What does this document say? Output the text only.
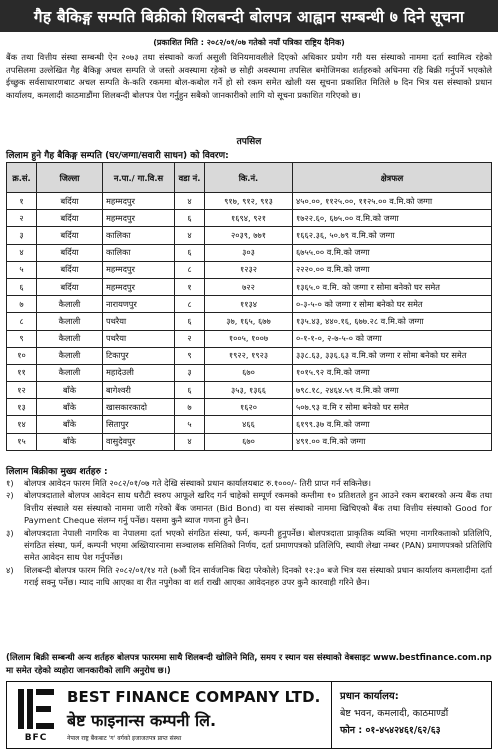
गैह बैकिङ्ग सम्पति बिक्रीको शिलबन्दी बोलपत्र आह्वान सम्बन्धी ७ दिने सूचना
(प्रकाशित मिति : २०८२/०१/०७ गतेको नयाँ पत्रिका राष्ट्रिय दैनिक)

बैंक तथा वित्तीय संस्था सम्बन्धी ऐन २०७३ तथा संस्थाको कर्जा असुली विनियमावलीले दिएको अधिकार प्रयोग गरी यस संस्थाको नाममा दर्ता स्वामित्व रहेको तपसिलमा उल्लेखित गैह बैकिङ्ग अचल सम्पति जे जस्तो अवस्थामा रहेको छ सोही अवस्थामा तपसिल बमोजिमका शर्तहरुको अधिनमा रहि बिक्री गर्नुपर्ने भएकोले ईच्छुक सर्वसाधारणबाट अचल सम्पति के-कति रकममा बोल-कबोल गर्ने हो सो रकम समेत खोली यस सूचना प्रकाशित मितिले ७ दिन भित्र यस संस्थाको प्रधान कार्यालय, कमलादी काठमाडौंमा शिलबन्दी बोलपत्र पेश गर्नुहुन सबैको जानकारीको लागि यो सूचना प्रकाशित गरिएको छ।

तपसिल
लिलाम हुने गैह बैकिङ्ग सम्पति (घर/जग्गा/सवारी साधन) को विवरण:
क्र.सं.	जिल्ला	न.पा./ गा.वि.स	वडा नं.	कि.नं.	क्षेत्रफल
१	बर्दिया	महम्मदपुर	४	९१७, ९१२, ९१३	४५०.००, ११२५.००, ११२५.०० व.मि.को जग्गा
२	बर्दिया	महम्मदपुर	६	१६९४, ९२१	१७२२.६०, ६७५.०० व.मि.को जग्गा
३	बर्दिया	कालिका	४	२०३९, ७७१	१६६२.३६, ५०.७९ व.मि.को जग्गा
४	बर्दिया	कालिका	६	३०३	६७५५.०० व.मि.को जग्गा
५	बर्दिया	महम्मदपुर	८	१२३२	२२२०.०० व.मि.को जग्गा
६	बर्दिया	महम्मदपुर	१	७२२	१३६५.० व.मि. को जग्गा र सोमा बनेको घर समेत
७	कैलाली	नारायणपुर	८	११३४	०-३-५-० को जग्गा र सोमा बनेको घर समेत
८	कैलाली	पथरैया	६	३७, १६५, ६७७	१३५.४३, ४४०.१६, ६७७.२८ व.मि.को जग्गा
९	कैलाली	पथरैया	२	१००५, १००७	०-१-१-०, २-७-५-० को जग्गा
१०	कैलाली	टिकापुर	९	१९२२, १९२३	३३८.६३, ३३६.६३ व.मि.को जग्गा र सोमा बनेको घर समेत
११	कैलाली	महादेउली	३	६७०	१०१५.९२ व.मि.को जग्गा
१२	बाँके	बागेश्वरी	६	३५३, १३६६	७९८.१८, २४६४.५९ व.मि.को जग्गा
१३	बाँके	खासकारकादो	७	१६२०	५०७.९३ व.मि र सोमा बनेको घर समेत
१४	बाँके	सितापुर	५	४६६	६१९९.३७ व.मि.को जग्गा
१५	बाँके	वासुदेवपुर	४	६७०	४९१.०० व.मि.को जग्गा
लिलाम बिक्रीका मुख्य शर्तहरु :
१) बोलपत्र आवेदन फारम मिति २०८२/०१/०७ गते देखि संस्थाको प्रधान कार्यालयबाट रु.१०००/- तिरी प्राप्त गर्न सकिनेछ।
२) बोलपत्रदाताले बोलपत्र आवेदन साथ धरौटी स्वरुप आफूले खरिद गर्न चाहेको सम्पूर्ण रकमको कम्तीमा १० प्रतिशतले हुन आउने रकम बराबरको अन्य बैंक तथा वित्तीय संस्थाले यस संस्थाको नाममा जारी गरेको बैंक जमानत (Bid Bond) वा यस संस्थाको नाममा खिचिएको बैंक तथा वित्तीय संस्थाको Good for Payment Cheque संलग्न गर्नु पर्नेछ। यसमा कुनै ब्याज गणना हुने छैन।
३) बोलपत्रदाता नेपाली नागरिक वा नेपालमा दर्ता भएको संगठित संस्था, फर्म, कम्पनी हुनुपर्नेछ। बोलपत्रदाता प्राकृतिक व्यक्ति भएमा नागरिकताको प्रतिलिपि, संगठित संस्था, फर्म, कम्पनी भएमा अख्तियारनामा सञ्चालक समितिको निर्णय, दर्ता प्रमाणपत्रको प्रतिलिपि, स्थायी लेखा नम्बर (PAN) प्रमाणपत्रको प्रतिलिपि समेत आवेदन साथ पेश गर्नुपर्नेछ।
४) शिलबन्दी बोलपत्र फारम मिति २०८२/०१/१४ गते (७औं दिन सार्वजनिक बिदा परेकोले) दिनको १२:३० बजे भित्र यस संस्थाको प्रधान कार्यालय कमलादीमा दर्ता गराई सक्नु पर्नेछ। म्याद नाघि आएका वा रीत नपुगेका वा शर्त राखी आएका आवेदनहरु उपर कुनै कारवाही गरिने छैन।

(लिलाम बिक्री सम्बन्धी अन्य शर्तहरु बोलपत्र फारममा साथै शिलबन्दी खोलिने मिति, समय र स्थान यस संस्थाको वेबसाइट www.bestfinance.com.np मा समेत रहेको व्यहोरा जानकारीको लागि अनुरोध छ।)

BFC
BEST FINANCE COMPANY LTD.
बेष्ट फाइनान्स कम्पनी लि.
नेपाल राष्ट्र बैंकबाट 'ग' वर्गको इजाजतपत्र प्राप्त संस्था
प्रधान कार्यालय:
बेष्ट भवन, कमलादी, काठमाण्डौं
फोन : ०१-४५४२४६१/६२/६३
